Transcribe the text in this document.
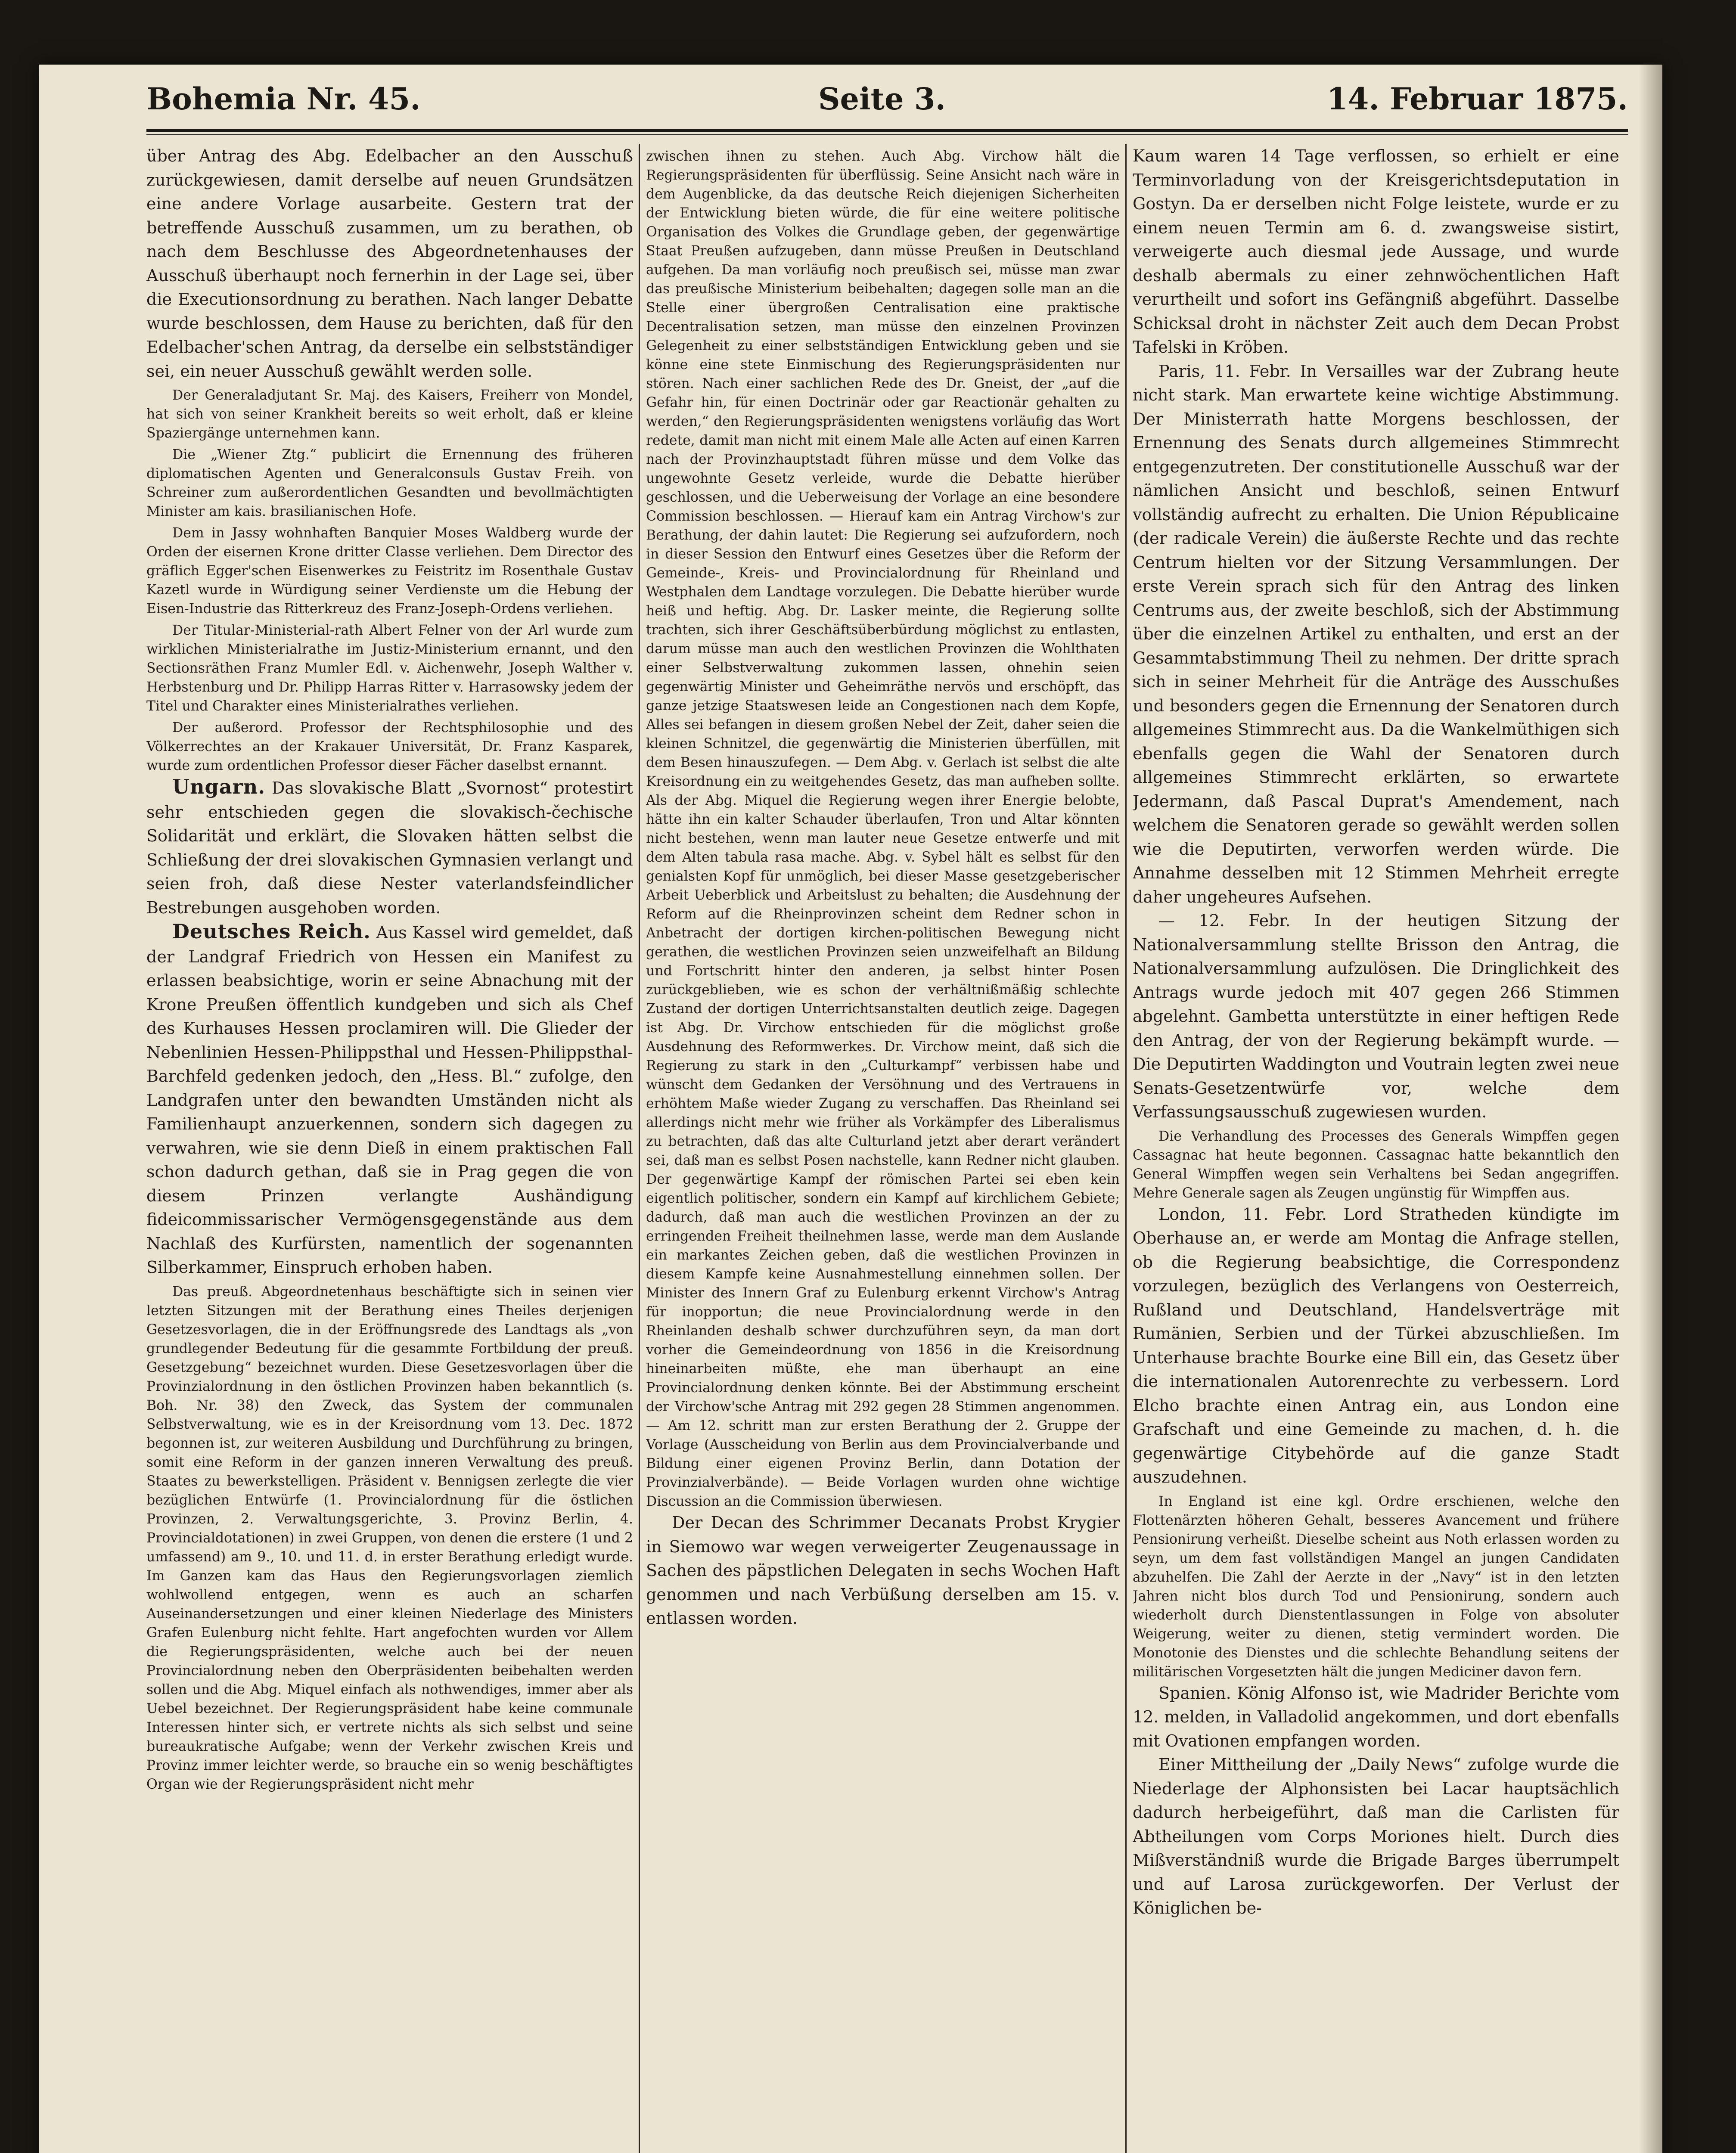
Bohemia Nr. 45.	Seite 3.	14. Februar 1875.

über Antrag des Abg. Edelbacher an den Ausschuß zurückgewiesen, damit derselbe auf neuen Grundsätzen eine andere Vorlage ausarbeite. Gestern trat der betreffende Ausschuß zusammen, um zu berathen, ob nach dem Beschlusse des Abgeordnetenhauses der Ausschuß überhaupt noch fernerhin in der Lage sei, über die Executionsordnung zu berathen. Nach langer Debatte wurde beschlossen, dem Hause zu berichten, daß für den Edelbacher'schen Antrag, da derselbe ein selbstständiger sei, ein neuer Ausschuß gewählt werden solle.

Der Generaladjutant Sr. Maj. des Kaisers, Freiherr von Mondel, hat sich von seiner Krankheit bereits so weit erholt, daß er kleine Spaziergänge unternehmen kann.

Die „Wiener Ztg.“ publicirt die Ernennung des früheren diplomatischen Agenten und Generalconsuls Gustav Freih. von Schreiner zum außerordentlichen Gesandten und bevollmächtigten Minister am kais. brasilianischen Hofe.

Dem in Jassy wohnhaften Banquier Moses Waldberg wurde der Orden der eisernen Krone dritter Classe verliehen. Dem Director des gräflich Egger'schen Eisenwerkes zu Feistritz im Rosenthale Gustav Kazetl wurde in Würdigung seiner Verdienste um die Hebung der Eisen-Industrie das Ritterkreuz des Franz-Joseph-Ordens verliehen.

Der Titular-Ministerial-rath Albert Felner von der Arl wurde zum wirklichen Ministerialrathe im Justiz-Ministerium ernannt, und den Sectionsräthen Franz Mumler Edl. v. Aichenwehr, Joseph Walther v. Herbstenburg und Dr. Philipp Harras Ritter v. Harrasowsky jedem der Titel und Charakter eines Ministerialrathes verliehen.

Der außerord. Professor der Rechtsphilosophie und des Völkerrechtes an der Krakauer Universität, Dr. Franz Kasparek, wurde zum ordentlichen Professor dieser Fächer daselbst ernannt.

Ungarn. Das slovakische Blatt „Svornost“ protestirt sehr entschieden gegen die slovakisch-čechische Solidarität und erklärt, die Slovaken hätten selbst die Schließung der drei slovakischen Gymnasien verlangt und seien froh, daß diese Nester vaterlandsfeindlicher Bestrebungen ausgehoben worden.

Deutsches Reich. Aus Kassel wird gemeldet, daß der Landgraf Friedrich von Hessen ein Manifest zu erlassen beabsichtige, worin er seine Abnachung mit der Krone Preußen öffentlich kundgeben und sich als Chef des Kurhauses Hessen proclamiren will. Die Glieder der Nebenlinien Hessen-Philippsthal und Hessen-Philippsthal-Barchfeld gedenken jedoch, den „Hess. Bl.“ zufolge, den Landgrafen unter den bewandten Umständen nicht als Familienhaupt anzuerkennen, sondern sich dagegen zu verwahren, wie sie denn Dieß in einem praktischen Fall schon dadurch gethan, daß sie in Prag gegen die von diesem Prinzen verlangte Aushändigung fideicommissarischer Vermögensgegenstände aus dem Nachlaß des Kurfürsten, namentlich der sogenannten Silberkammer, Einspruch erhoben haben.

Das preuß. Abgeordnetenhaus beschäftigte sich in seinen vier letzten Sitzungen mit der Berathung eines Theiles derjenigen Gesetzesvorlagen, die in der Eröffnungsrede des Landtags als „von grundlegender Bedeutung für die gesammte Fortbildung der preuß. Gesetzgebung“ bezeichnet wurden. Diese Gesetzesvorlagen über die Provinzialordnung in den östlichen Provinzen haben bekanntlich (s. Boh. Nr. 38) den Zweck, das System der communalen Selbstverwaltung, wie es in der Kreisordnung vom 13. Dec. 1872 begonnen ist, zur weiteren Ausbildung und Durchführung zu bringen, somit eine Reform in der ganzen inneren Verwaltung des preuß. Staates zu bewerkstelligen. Präsident v. Bennigsen zerlegte die vier bezüglichen Entwürfe (1. Provincialordnung für die östlichen Provinzen, 2. Verwaltungsgerichte, 3. Provinz Berlin, 4. Provincialdotationen) in zwei Gruppen, von denen die erstere (1 und 2 umfassend) am 9., 10. und 11. d. in erster Berathung erledigt wurde. Im Ganzen kam das Haus den Regierungsvorlagen ziemlich wohlwollend entgegen, wenn es auch an scharfen Auseinandersetzungen und einer kleinen Niederlage des Ministers Grafen Eulenburg nicht fehlte. Hart angefochten wurden vor Allem die Regierungspräsidenten, welche auch bei der neuen Provincialordnung neben den Oberpräsidenten beibehalten werden sollen und die Abg. Miquel einfach als nothwendiges, immer aber als Uebel bezeichnet. Der Regierungspräsident habe keine communale Interessen hinter sich, er vertrete nichts als sich selbst und seine bureaukratische Aufgabe; wenn der Verkehr zwischen Kreis und Provinz immer leichter werde, so brauche ein so wenig beschäftigtes Organ wie der Regierungspräsident nicht mehr

zwischen ihnen zu stehen. Auch Abg. Virchow hält die Regierungspräsidenten für überflüssig. Seine Ansicht nach wäre in dem Augenblicke, da das deutsche Reich diejenigen Sicherheiten der Entwicklung bieten würde, die für eine weitere politische Organisation des Volkes die Grundlage geben, der gegenwärtige Staat Preußen aufzugeben, dann müsse Preußen in Deutschland aufgehen. Da man vorläufig noch preußisch sei, müsse man zwar das preußische Ministerium beibehalten; dagegen solle man an die Stelle einer übergroßen Centralisation eine praktische Decentralisation setzen, man müsse den einzelnen Provinzen Gelegenheit zu einer selbstständigen Entwicklung geben und sie könne eine stete Einmischung des Regierungspräsidenten nur stören. Nach einer sachlichen Rede des Dr. Gneist, der „auf die Gefahr hin, für einen Doctrinär oder gar Reactionär gehalten zu werden,“ den Regierungspräsidenten wenigstens vorläufig das Wort redete, damit man nicht mit einem Male alle Acten auf einen Karren nach der Provinzhauptstadt führen müsse und dem Volke das ungewohnte Gesetz verleide, wurde die Debatte hierüber geschlossen, und die Ueberweisung der Vorlage an eine besondere Commission beschlossen. — Hierauf kam ein Antrag Virchow's zur Berathung, der dahin lautet: Die Regierung sei aufzufordern, noch in dieser Session den Entwurf eines Gesetzes über die Reform der Gemeinde-, Kreis- und Provincialordnung für Rheinland und Westphalen dem Landtage vorzulegen. Die Debatte hierüber wurde heiß und heftig. Abg. Dr. Lasker meinte, die Regierung sollte trachten, sich ihrer Geschäftsüberbürdung möglichst zu entlasten, darum müsse man auch den westlichen Provinzen die Wohlthaten einer Selbstverwaltung zukommen lassen, ohnehin seien gegenwärtig Minister und Geheimräthe nervös und erschöpft, das ganze jetzige Staatswesen leide an Congestionen nach dem Kopfe, Alles sei befangen in diesem großen Nebel der Zeit, daher seien die kleinen Schnitzel, die gegenwärtig die Ministerien überfüllen, mit dem Besen hinauszufegen. — Dem Abg. v. Gerlach ist selbst die alte Kreisordnung ein zu weitgehendes Gesetz, das man aufheben sollte. Als der Abg. Miquel die Regierung wegen ihrer Energie belobte, hätte ihn ein kalter Schauder überlaufen, Tron und Altar könnten nicht bestehen, wenn man lauter neue Gesetze entwerfe und mit dem Alten tabula rasa mache. Abg. v. Sybel hält es selbst für den genialsten Kopf für unmöglich, bei dieser Masse gesetzgeberischer Arbeit Ueberblick und Arbeitslust zu behalten; die Ausdehnung der Reform auf die Rheinprovinzen scheint dem Redner schon in Anbetracht der dortigen kirchen-politischen Bewegung nicht gerathen, die westlichen Provinzen seien unzweifelhaft an Bildung und Fortschritt hinter den anderen, ja selbst hinter Posen zurückgeblieben, wie es schon der verhältnißmäßig schlechte Zustand der dortigen Unterrichtsanstalten deutlich zeige. Dagegen ist Abg. Dr. Virchow entschieden für die möglichst große Ausdehnung des Reformwerkes. Dr. Virchow meint, daß sich die Regierung zu stark in den „Culturkampf“ verbissen habe und wünscht dem Gedanken der Versöhnung und des Vertrauens in erhöhtem Maße wieder Zugang zu verschaffen. Das Rheinland sei allerdings nicht mehr wie früher als Vorkämpfer des Liberalismus zu betrachten, daß das alte Culturland jetzt aber derart verändert sei, daß man es selbst Posen nachstelle, kann Redner nicht glauben. Der gegenwärtige Kampf der römischen Partei sei eben kein eigentlich politischer, sondern ein Kampf auf kirchlichem Gebiete; dadurch, daß man auch die westlichen Provinzen an der zu erringenden Freiheit theilnehmen lasse, werde man dem Auslande ein markantes Zeichen geben, daß die westlichen Provinzen in diesem Kampfe keine Ausnahmestellung einnehmen sollen. Der Minister des Innern Graf zu Eulenburg erkennt Virchow's Antrag für inopportun; die neue Provincialordnung werde in den Rheinlanden deshalb schwer durchzuführen seyn, da man dort vorher die Gemeindeordnung von 1856 in die Kreisordnung hineinarbeiten müßte, ehe man überhaupt an eine Provincialordnung denken könnte. Bei der Abstimmung erscheint der Virchow'sche Antrag mit 292 gegen 28 Stimmen angenommen. — Am 12. schritt man zur ersten Berathung der 2. Gruppe der Vorlage (Ausscheidung von Berlin aus dem Provincialverbande und Bildung einer eigenen Provinz Berlin, dann Dotation der Provinzialverbände). — Beide Vorlagen wurden ohne wichtige Discussion an die Commission überwiesen.

Der Decan des Schrimmer Decanats Probst Krygier in Siemowo war wegen verweigerter Zeugenaussage in Sachen des päpstlichen Delegaten in sechs Wochen Haft genommen und nach Verbüßung derselben am 15. v. entlassen worden.

Kaum waren 14 Tage verflossen, so erhielt er eine Terminvorladung von der Kreisgerichtsdeputation in Gostyn. Da er derselben nicht Folge leistete, wurde er zu einem neuen Termin am 6. d. zwangsweise sistirt, verweigerte auch diesmal jede Aussage, und wurde deshalb abermals zu einer zehnwöchentlichen Haft verurtheilt und sofort ins Gefängniß abgeführt. Dasselbe Schicksal droht in nächster Zeit auch dem Decan Probst Tafelski in Kröben.

Paris, 11. Febr. In Versailles war der Zubrang heute nicht stark. Man erwartete keine wichtige Abstimmung. Der Ministerrath hatte Morgens beschlossen, der Ernennung des Senats durch allgemeines Stimmrecht entgegenzutreten. Der constitutionelle Ausschuß war der nämlichen Ansicht und beschloß, seinen Entwurf vollständig aufrecht zu erhalten. Die Union Républicaine (der radicale Verein) die äußerste Rechte und das rechte Centrum hielten vor der Sitzung Versammlungen. Der erste Verein sprach sich für den Antrag des linken Centrums aus, der zweite beschloß, sich der Abstimmung über die einzelnen Artikel zu enthalten, und erst an der Gesammtabstimmung Theil zu nehmen. Der dritte sprach sich in seiner Mehrheit für die Anträge des Ausschußes und besonders gegen die Ernennung der Senatoren durch allgemeines Stimmrecht aus. Da die Wankelmüthigen sich ebenfalls gegen die Wahl der Senatoren durch allgemeines Stimmrecht erklärten, so erwartete Jedermann, daß Pascal Duprat's Amendement, nach welchem die Senatoren gerade so gewählt werden sollen wie die Deputirten, verworfen werden würde. Die Annahme desselben mit 12 Stimmen Mehrheit erregte daher ungeheures Aufsehen.

— 12. Febr. In der heutigen Sitzung der Nationalversammlung stellte Brisson den Antrag, die Nationalversammlung aufzulösen. Die Dringlichkeit des Antrags wurde jedoch mit 407 gegen 266 Stimmen abgelehnt. Gambetta unterstützte in einer heftigen Rede den Antrag, der von der Regierung bekämpft wurde. — Die Deputirten Waddington und Voutrain legten zwei neue Senats-Gesetzentwürfe vor, welche dem Verfassungsausschuß zugewiesen wurden.

Die Verhandlung des Processes des Generals Wimpffen gegen Cassagnac hat heute begonnen. Cassagnac hatte bekanntlich den General Wimpffen wegen sein Verhaltens bei Sedan angegriffen. Mehre Generale sagen als Zeugen ungünstig für Wimpffen aus.

London, 11. Febr. Lord Stratheden kündigte im Oberhause an, er werde am Montag die Anfrage stellen, ob die Regierung beabsichtige, die Correspondenz vorzulegen, bezüglich des Verlangens von Oesterreich, Rußland und Deutschland, Handelsverträge mit Rumänien, Serbien und der Türkei abzuschließen. Im Unterhause brachte Bourke eine Bill ein, das Gesetz über die internationalen Autorenrechte zu verbessern. Lord Elcho brachte einen Antrag ein, aus London eine Grafschaft und eine Gemeinde zu machen, d. h. die gegenwärtige Citybehörde auf die ganze Stadt auszudehnen.

In England ist eine kgl. Ordre erschienen, welche den Flottenärzten höheren Gehalt, besseres Avancement und frühere Pensionirung verheißt. Dieselbe scheint aus Noth erlassen worden zu seyn, um dem fast vollständigen Mangel an jungen Candidaten abzuhelfen. Die Zahl der Aerzte in der „Navy“ ist in den letzten Jahren nicht blos durch Tod und Pensionirung, sondern auch wiederholt durch Dienstentlassungen in Folge von absoluter Weigerung, weiter zu dienen, stetig vermindert worden. Die Monotonie des Dienstes und die schlechte Behandlung seitens der militärischen Vorgesetzten hält die jungen Mediciner davon fern.

Spanien. König Alfonso ist, wie Madrider Berichte vom 12. melden, in Valladolid angekommen, und dort ebenfalls mit Ovationen empfangen worden.

Einer Mittheilung der „Daily News“ zufolge wurde die Niederlage der Alphonsisten bei Lacar hauptsächlich dadurch herbeigeführt, daß man die Carlisten für Abtheilungen vom Corps Moriones hielt. Durch dies Mißverständniß wurde die Brigade Barges überrumpelt und auf Larosa zurückgeworfen. Der Verlust der Königlichen be-
